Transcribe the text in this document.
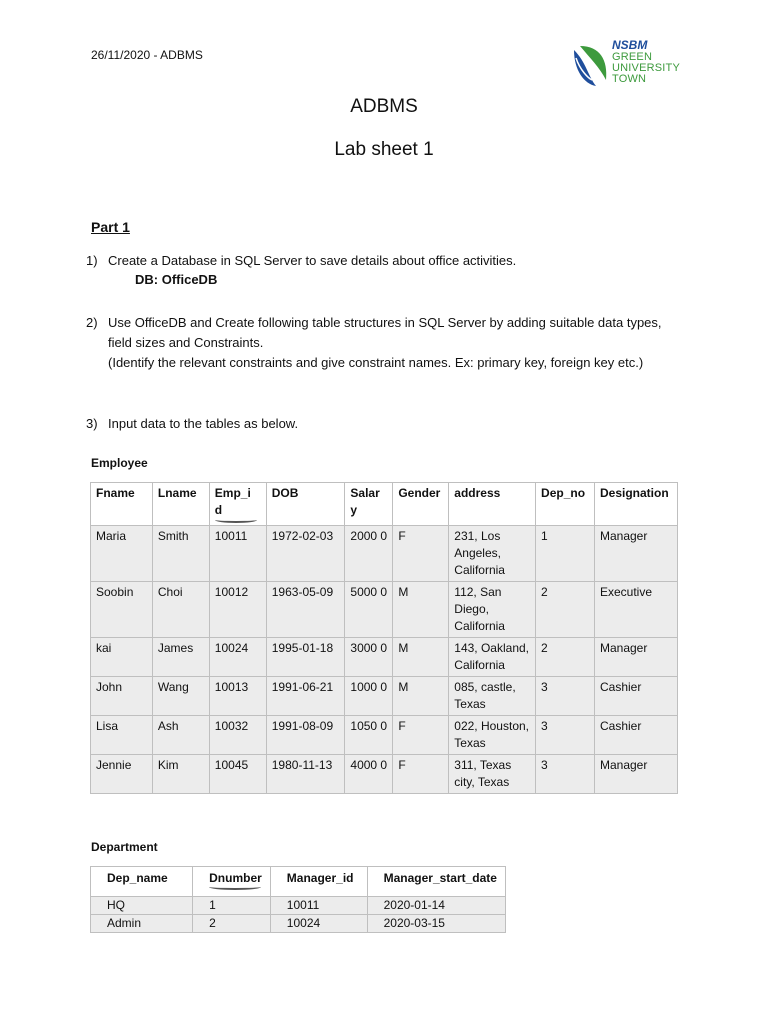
26/11/2020 - ADBMS
NSBM
GREEN
UNIVERSITY
TOWN
ADBMS
Lab sheet 1
Part 1
1) Create a Database in SQL Server to save details about office activities.
DB: OfficeDB
2) Use OfficeDB and Create following table structures in SQL Server by adding suitable data types, field sizes and Constraints.
(Identify the relevant constraints and give constraint names. Ex: primary key, foreign key etc.)
3) Input data to the tables as below.
Employee
Fname	Lname	Emp_i d	DOB	Salar y	Gender	address	Dep_no	Designation
Maria	Smith	10011	1972-02-03	2000 0	F	231, Los Angeles, California	1	Manager
Soobin	Choi	10012	1963-05-09	5000 0	M	112, San Diego, California	2	Executive
kai	James	10024	1995-01-18	3000 0	M	143, Oakland, California	2	Manager
John	Wang	10013	1991-06-21	1000 0	M	085, castle, Texas	3	Cashier
Lisa	Ash	10032	1991-08-09	1050 0	F	022, Houston, Texas	3	Cashier
Jennie	Kim	10045	1980-11-13	4000 0	F	311, Texas city, Texas	3	Manager
Department
Dep_name	Dnumber	Manager_id	Manager_start_date
HQ	1	10011	2020-01-14
Admin	2	10024	2020-03-15
